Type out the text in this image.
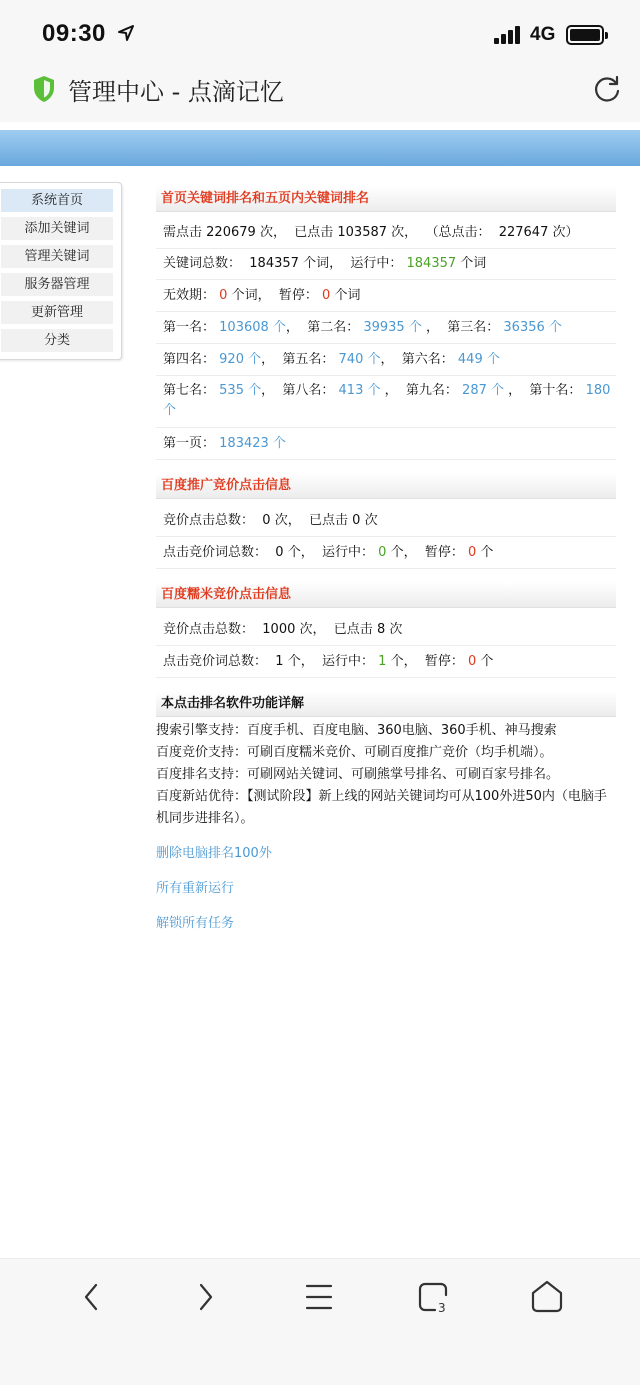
09:30	4G
管理中心 - 点滴记忆
系统首页
添加关键词
管理关键词
服务器管理
更新管理
分类
首页关键词排名和五页内关键词排名
需点击 220679 次，  已点击 103587 次，  （总点击： 227647 次）
关键词总数： 184357 个词，  运行中： 184357 个词
无效期： 0 个词， 暂停： 0 个词
第一名： 103608 个，  第二名： 39935 个 ，  第三名： 36356 个
第四名： 920 个，  第五名： 740 个，  第六名： 449 个
第七名： 535 个，  第八名： 413 个 ，  第九名： 287 个 ，  第十名： 180 个
第一页： 183423 个
百度推广竞价点击信息
竞价点击总数： 0 次， 已点击 0 次
点击竞价词总数： 0 个， 运行中： 0 个， 暂停： 0 个
百度糯米竞价点击信息
竞价点击总数： 1000 次， 已点击 8 次
点击竞价词总数： 1 个， 运行中： 1 个， 暂停： 0 个
本点击排名软件功能详解
搜索引擎支持：百度手机、百度电脑、360电脑、360手机、神马搜索
百度竞价支持：可刷百度糯米竞价、可刷百度推广竞价（均手机端）。
百度排名支持：可刷网站关键词、可刷熊掌号排名、可刷百家号排名。
百度新站优待：【测试阶段】新上线的网站关键词均可从100外进50内（电脑手机同步进排名）。
删除电脑排名100外
所有重新运行
解锁所有任务
3
